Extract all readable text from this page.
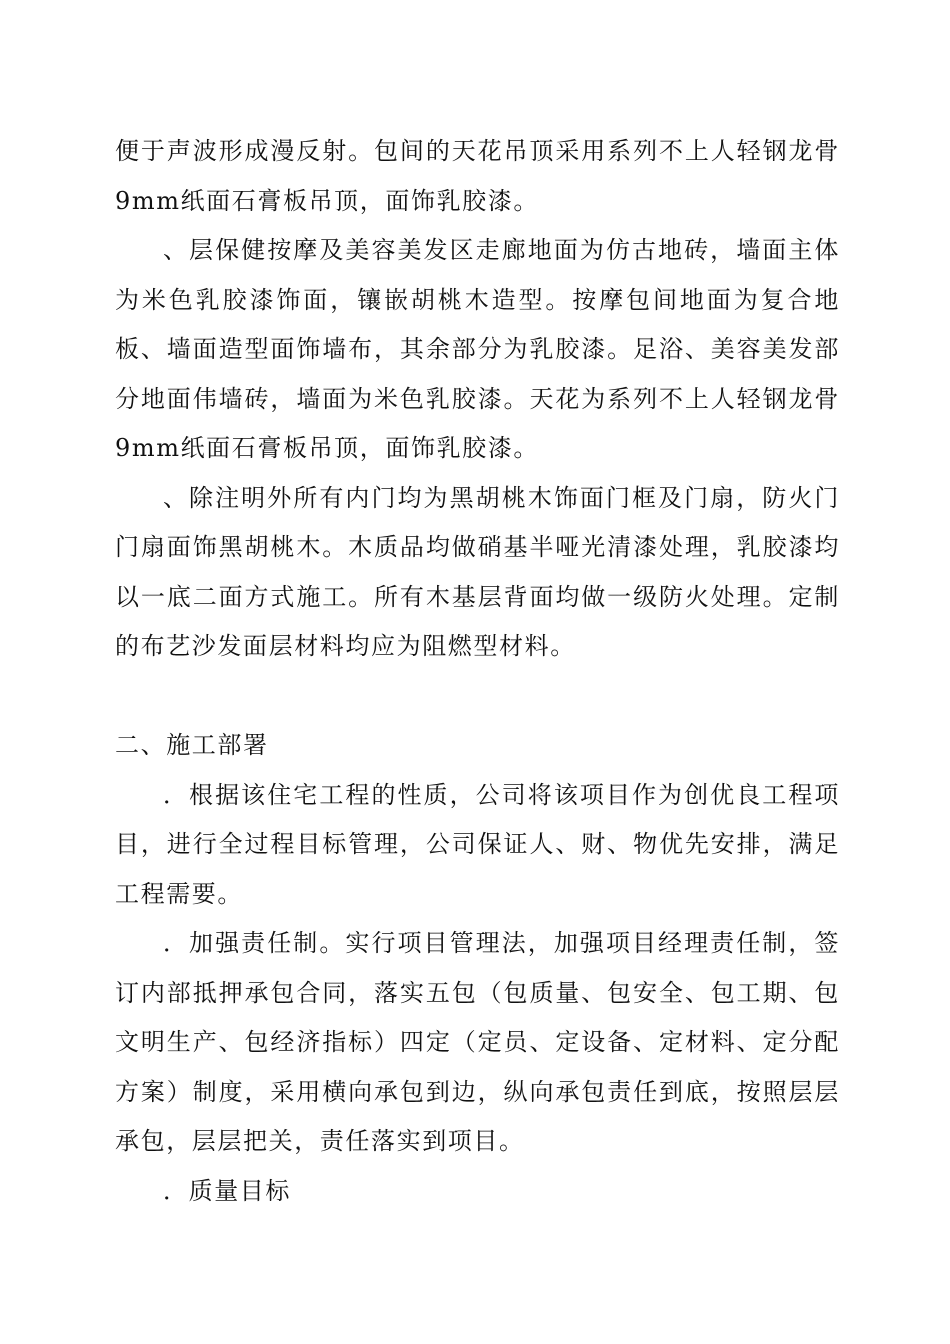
便于声波形成漫反射。包间的天花吊顶采用系列不上人轻钢龙骨9mm纸面石膏板吊顶，面饰乳胶漆。

、层保健按摩及美容美发区走廊地面为仿古地砖，墙面主体为米色乳胶漆饰面，镶嵌胡桃木造型。按摩包间地面为复合地板、墙面造型面饰墙布，其余部分为乳胶漆。足浴、美容美发部分地面伟墙砖，墙面为米色乳胶漆。天花为系列不上人轻钢龙骨9mm纸面石膏板吊顶，面饰乳胶漆。

、除注明外所有内门均为黑胡桃木饰面门框及门扇，防火门门扇面饰黑胡桃木。木质品均做硝基半哑光清漆处理，乳胶漆均以一底二面方式施工。所有木基层背面均做一级防火处理。定制的布艺沙发面层材料均应为阻燃型材料。

二、施工部署

．根据该住宅工程的性质，公司将该项目作为创优良工程项目，进行全过程目标管理，公司保证人、财、物优先安排，满足工程需要。

．加强责任制。实行项目管理法，加强项目经理责任制，签订内部抵押承包合同，落实五包（包质量、包安全、包工期、包文明生产、包经济指标）四定（定员、定设备、定材料、定分配方案）制度，采用横向承包到边，纵向承包责任到底，按照层层承包，层层把关，责任落实到项目。

．质量目标
